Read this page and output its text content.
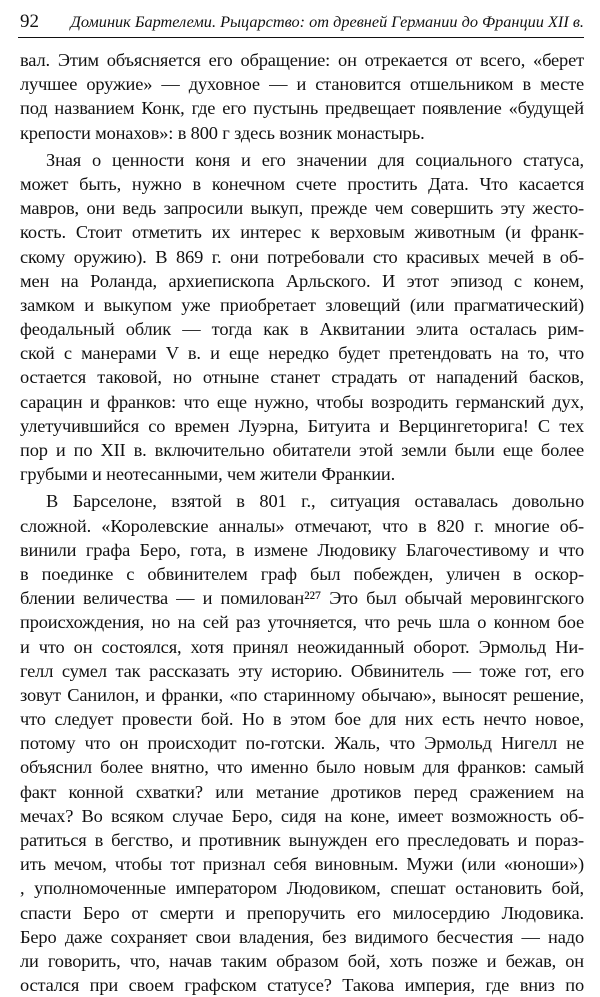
92 Доминик Бартелеми. Рыцарство: от древней Германии до Франции XII в.
вал. Этим объясняется его обращение: он отрекается от всего, «берет
лучшее оружие» — духовное — и становится отшельником в месте
под названием Конк, где его пустынь предвещает появление «будущей
крепости монахов»: в 800 г здесь возник монастырь.
Зная о ценности коня и его значении для социального статуса,
может быть, нужно в конечном счете простить Дата. Что касается
мавров, они ведь запросили выкуп, прежде чем совершить эту жесто-
кость. Стоит отметить их интерес к верховым животным (и франк-
скому оружию). В 869 г. они потребовали сто красивых мечей в об-
мен на Роланда, архиепископа Арльского. И этот эпизод с конем,
замком и выкупом уже приобретает зловещий (или прагматический)
феодальный облик — тогда как в Аквитании элита осталась рим-
ской с манерами V в. и еще нередко будет претендовать на то, что
остается таковой, но отныне станет страдать от нападений басков,
сарацин и франков: что еще нужно, чтобы возродить германский дух,
улетучившийся со времен Луэрна, Битуита и Верцингеторига! С тех
пор и по XII в. включительно обитатели этой земли были еще более
грубыми и неотесанными, чем жители Франкии.
В Барселоне, взятой в 801 г., ситуация оставалась довольно
сложной. «Королевские анналы» отмечают, что в 820 г. многие об-
винили графа Беро, гота, в измене Людовику Благочестивому и что
в поединке с обвинителем граф был побежден, уличен в оскор-
блении величества — и помилован²²⁷ Это был обычай меровингского
происхождения, но на сей раз уточняется, что речь шла о конном бое
и что он состоялся, хотя принял неожиданный оборот. Эрмольд Ни-
гелл сумел так рассказать эту историю. Обвинитель — тоже гот, его
зовут Санилон, и франки, «по старинному обычаю», выносят решение,
что следует провести бой. Но в этом бое для них есть нечто новое,
потому что он происходит по-готски. Жаль, что Эрмольд Нигелл не
объяснил более внятно, что именно было новым для франков: самый
факт конной схватки? или метание дротиков перед сражением на
мечах? Во всяком случае Беро, сидя на коне, имеет возможность об-
ратиться в бегство, и противник вынужден его преследовать и пораз-
ить мечом, чтобы тот признал себя виновным. Мужи (или «юноши»)
, уполномоченные императором Людовиком, спешат остановить бой,
спасти Беро от смерти и препоручить его милосердию Людовика.
Беро даже сохраняет свои владения, без видимого бесчестия — надо
ли говорить, что, начав таким образом бой, хоть позже и бежав, он
остался при своем графском статусе? Такова империя, где вниз по
